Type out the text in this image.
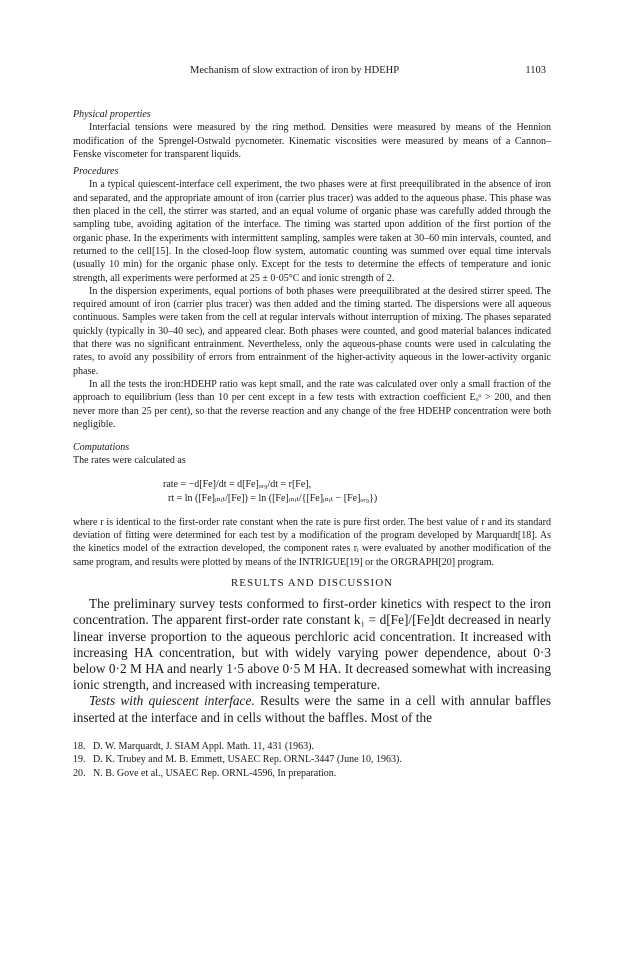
Mechanism of slow extraction of iron by HDEHP	1103

Physical properties

Interfacial tensions were measured by the ring method. Densities were measured by means of the Hennion modification of the Sprengel-Ostwald pycnometer. Kinematic viscosities were measured by means of a Cannon–Fenske viscometer for transparent liquids.

Procedures

In a typical quiescent-interface cell experiment, the two phases were at first preequilibrated in the absence of iron and separated, and the appropriate amount of iron (carrier plus tracer) was added to the aqueous phase. This phase was then placed in the cell, the stirrer was started, and an equal volume of organic phase was carefully added through the sampling tube, avoiding agitation of the interface. The timing was started upon addition of the first portion of the organic phase. In the experiments with intermittent sampling, samples were taken at 30–60 min intervals, counted, and returned to the cell[15]. In the closed-loop flow system, automatic counting was summed over equal time intervals (usually 10 min) for the organic phase only. Except for the tests to determine the effects of temperature and ionic strength, all experiments were performed at 25 ± 0·05°C and ionic strength of 2.

In the dispersion experiments, equal portions of both phases were preequilibrated at the desired stirrer speed. The required amount of iron (carrier plus tracer) was then added and the timing started. The dispersions were all aqueous continuous. Samples were taken from the cell at regular intervals without interruption of mixing. The phases separated quickly (typically in 30–40 sec), and appeared clear. Both phases were counted, and good material balances indicated that there was no significant entrainment. Nevertheless, only the aqueous-phase counts were used in calculating the rates, to avoid any possibility of errors from entrainment of the higher-activity aqueous in the lower-activity organic phase.

In all the tests the iron:HDEHP ratio was kept small, and the rate was calculated over only a small fraction of the approach to equilibrium (less than 10 per cent except in a few tests with extraction coefficient Eₒᵒ > 200, and then never more than 25 per cent), so that the reverse reaction and any change of the free HDEHP concentration were both negligible.

Computations

The rates were calculated as

rate = −d[Fe]/dt = d[Fe]ₒᵣ₉/dt = r[Fe],
rt = ln ([Fe]ᵢₙᵢₜ/[Fe]) = ln ([Fe]ᵢₙᵢₜ/{[Fe]ᵢₙᵢₜ − [Fe]ₒᵣ₉})

where r is identical to the first-order rate constant when the rate is pure first order. The best value of r and its standard deviation of fitting were determined for each test by a modification of the program developed by Marquardt[18]. As the kinetics model of the extraction developed, the component rates rᵢ were evaluated by another modification of the same program, and results were plotted by means of the INTRIGUE[19] or the ORGRAPH[20] program.

RESULTS AND DISCUSSION

The preliminary survey tests conformed to first-order kinetics with respect to the iron concentration. The apparent first-order rate constant k₁ = d[Fe]/[Fe]dt decreased in nearly linear inverse proportion to the aqueous perchloric acid concentration. It increased with increasing HA concentration, but with widely varying power dependence, about 0·3 below 0·2 M HA and nearly 1·5 above 0·5 M HA. It decreased somewhat with increasing ionic strength, and increased with increasing temperature.

Tests with quiescent interface. Results were the same in a cell with annular baffles inserted at the interface and in cells without the baffles. Most of the

18. D. W. Marquardt, J. SIAM Appl. Math. 11, 431 (1963).

19. D. K. Trubey and M. B. Emmett, USAEC Rep. ORNL-3447 (June 10, 1963).

20. N. B. Gove et al., USAEC Rep. ORNL-4596, In preparation.
